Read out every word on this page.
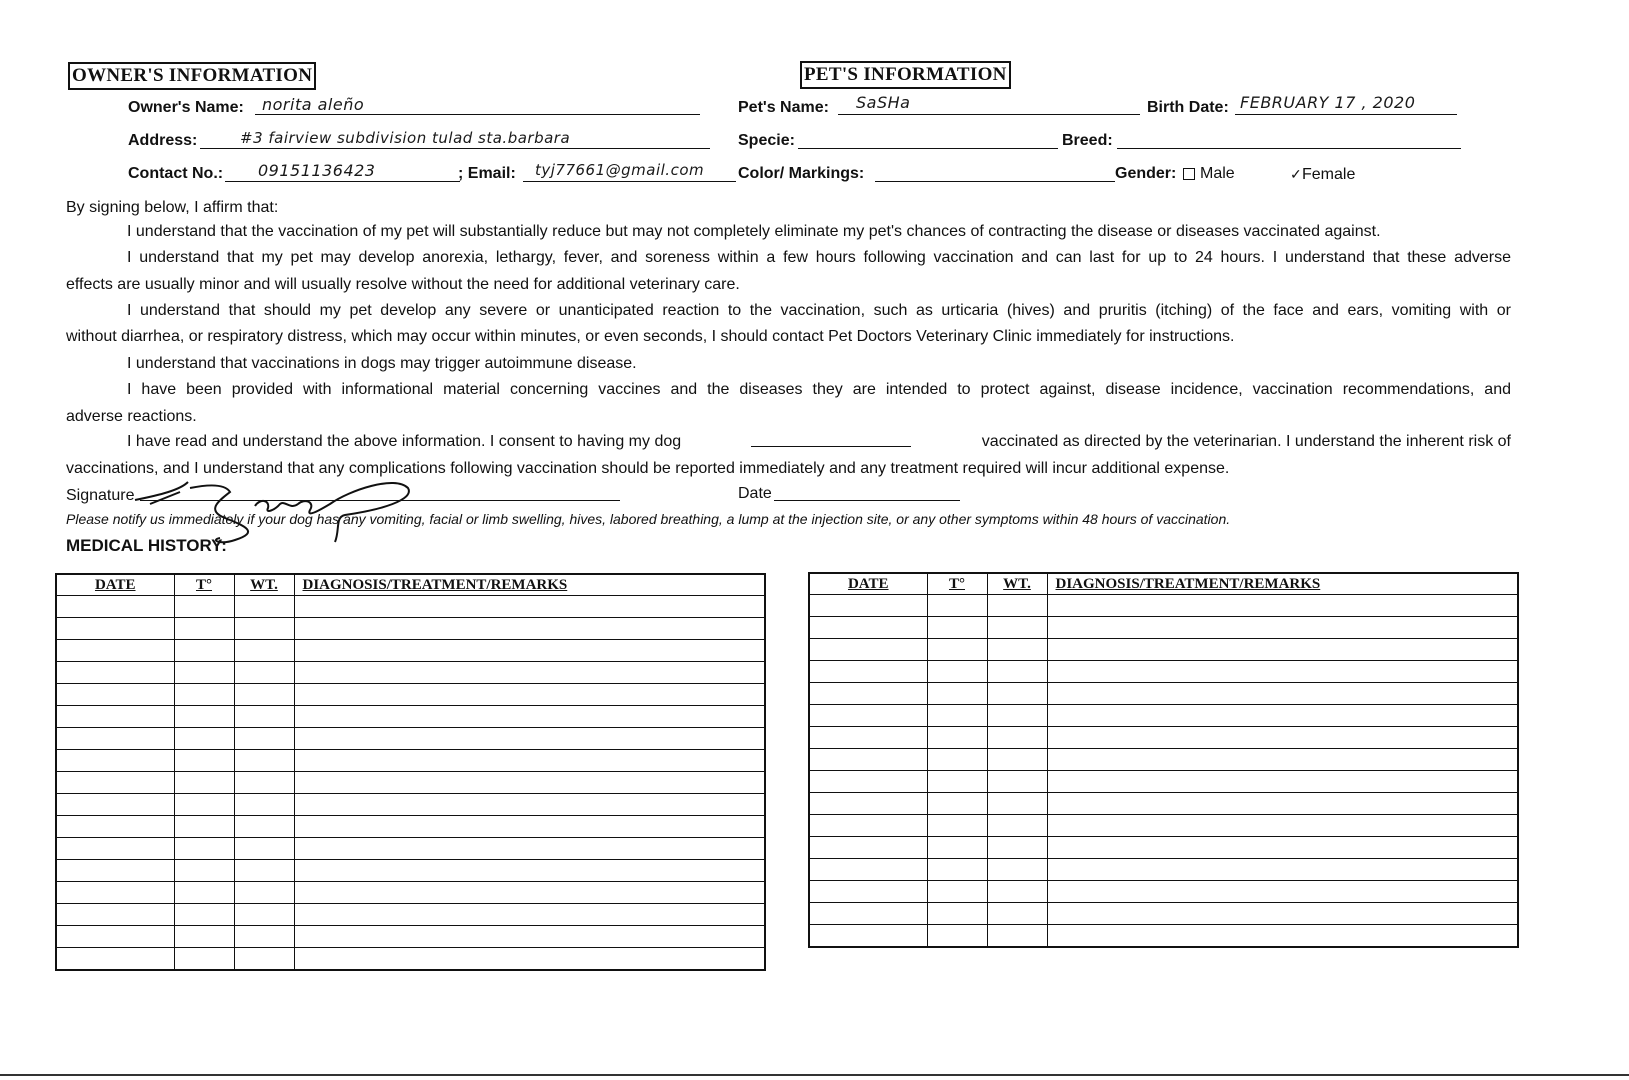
OWNER'S INFORMATION	PET'S INFORMATION
Owner's Name: norita aleño	Pet's Name: SaSHa	Birth Date: FEBRUARY 17 , 2020
Address:	#3 fairview subdivision tulad sta.barbara	Specie:	Breed:
Contact No.: 09151136423	; Email: tyj77661@gmail.com Color/ Markings:	Gender:	Male	✓Female
By signing below, I affirm that:
I understand that the vaccination of my pet will substantially reduce but may not completely eliminate my pet's chances of contracting the disease or diseases vaccinated against.
I understand that my pet may develop anorexia, lethargy, fever, and soreness within a few hours following vaccination and can last for up to 24 hours. I understand that these adverse
effects are usually minor and will usually resolve without the need for additional veterinary care.
I understand that should my pet develop any severe or unanticipated reaction to the vaccination, such as urticaria (hives) and pruritis (itching) of the face and ears, vomiting with or
without diarrhea, or respiratory distress, which may occur within minutes, or even seconds, I should contact Pet Doctors Veterinary Clinic immediately for instructions.
I understand that vaccinations in dogs may trigger autoimmune disease.
I have been provided with informational material concerning vaccines and the diseases they are intended to protect against, disease incidence, vaccination recommendations, and
adverse reactions.
I have read and understand the above information. I consent to having my dog	vaccinated as directed by the veterinarian. I understand the inherent risk of
vaccinations, and I understand that any complications following vaccination should be reported immediately and any treatment required will incur additional expense.
Signature	Date
Please notify us immediately if your dog has any vomiting, facial or limb swelling, hives, labored breathing, a lump at the injection site, or any other symptoms within 48 hours of vaccination.
MEDICAL HISTORY:
DATE	T°	WT.	DIAGNOSIS/TREATMENT/REMARKS

				DATE	T°	WT.	DIAGNOSIS/TREATMENT/REMARKS
